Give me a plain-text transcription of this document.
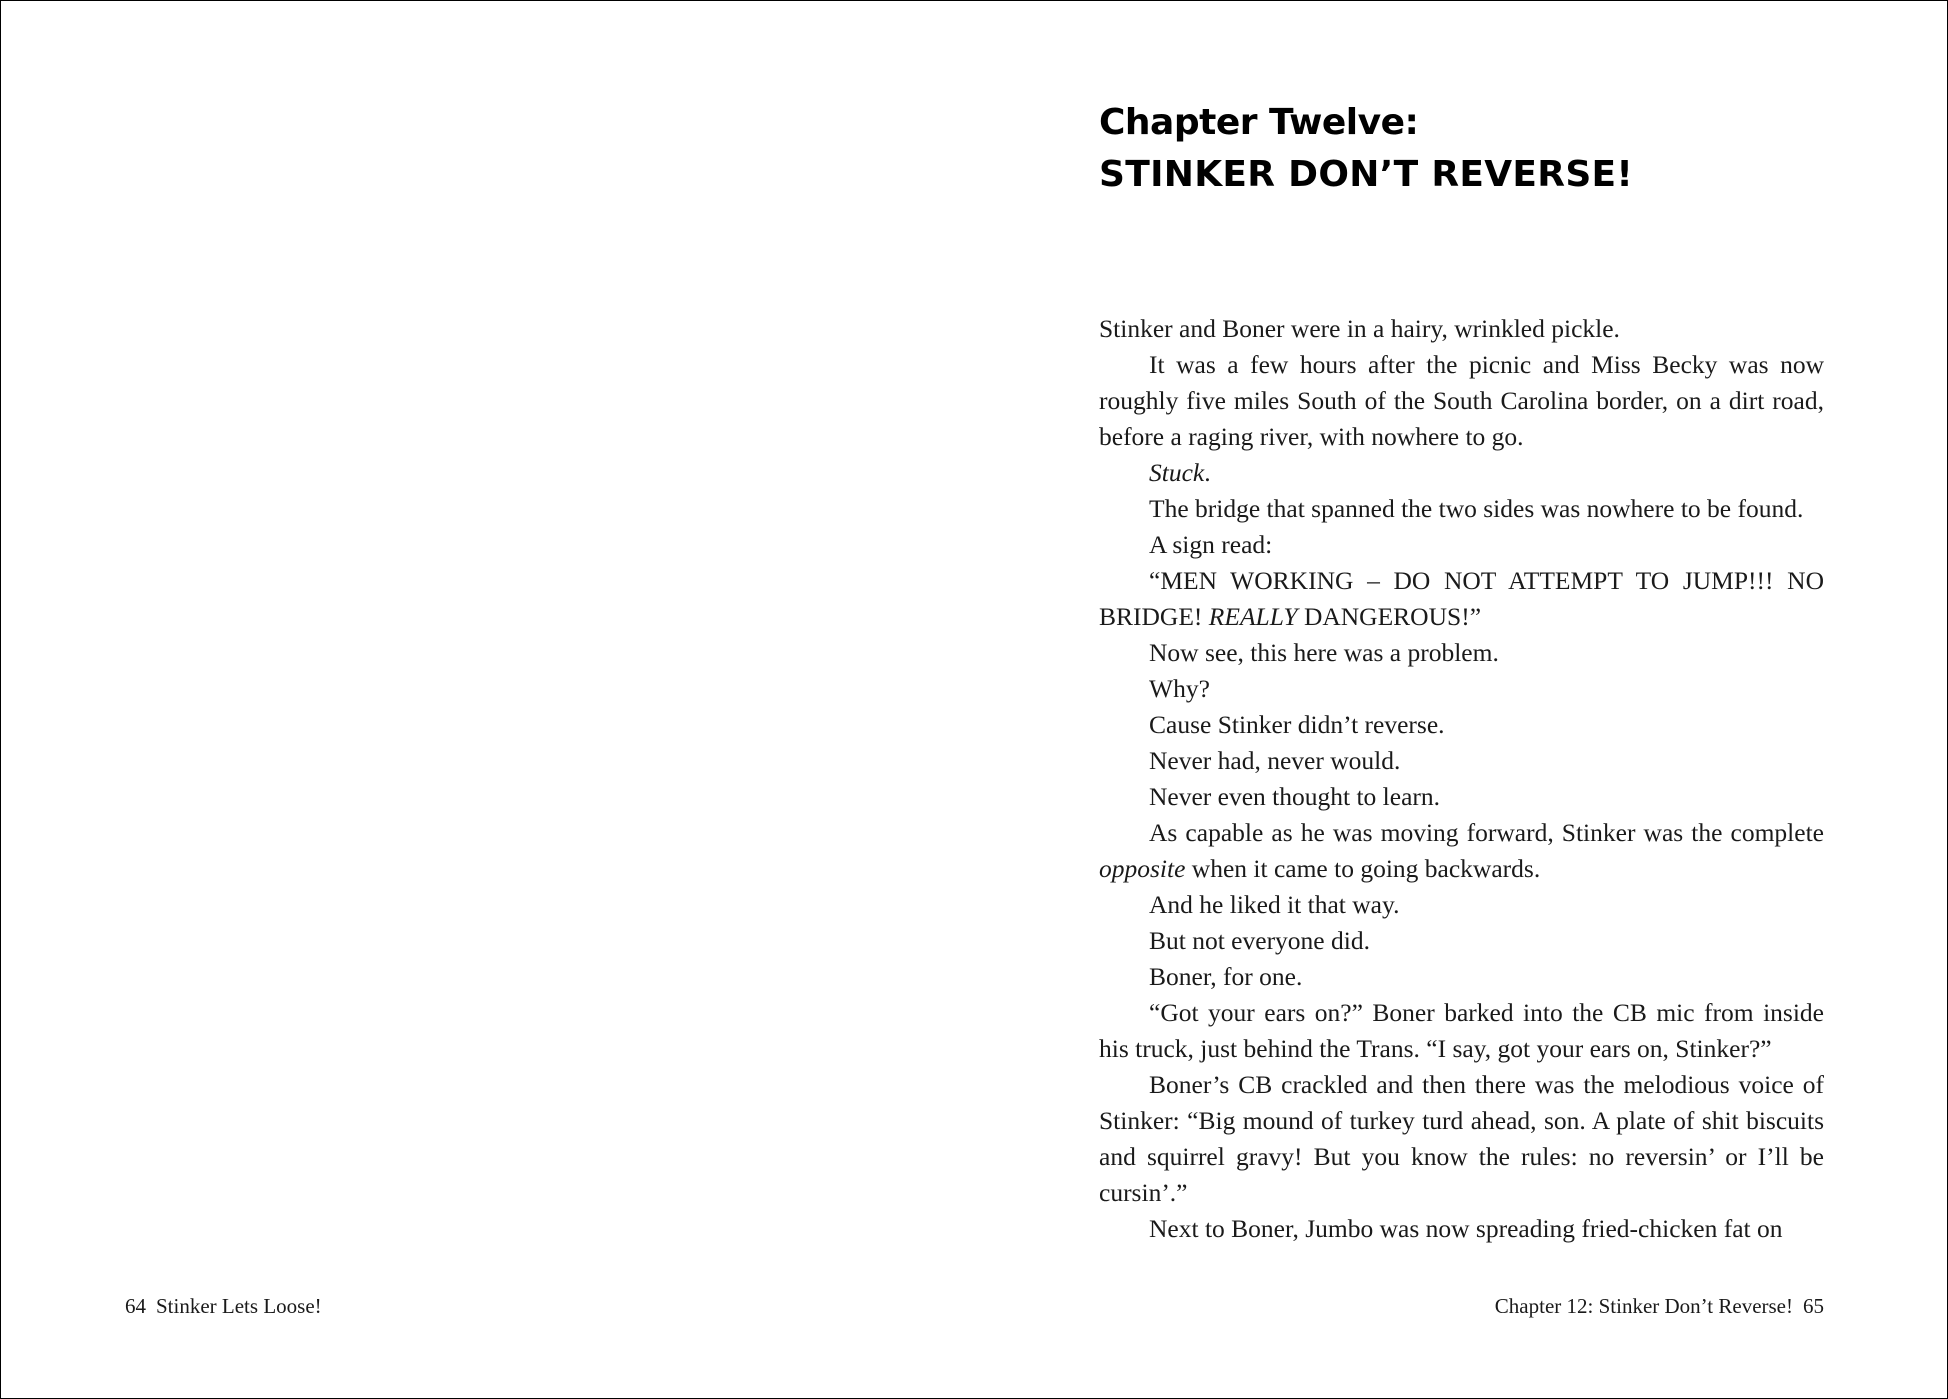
64 Stinker Lets Loose!
Chapter Twelve:
STINKER DON’T REVERSE!

Stinker and Boner were in a hairy, wrinkled pickle.

It was a few hours after the picnic and Miss Becky was now roughly five miles South of the South Carolina border, on a dirt road, before a raging river, with nowhere to go.

Stuck.

The bridge that spanned the two sides was nowhere to be found.

A sign read:

“MEN WORKING – DO NOT ATTEMPT TO JUMP!!! NO BRIDGE! REALLY DANGEROUS!”

Now see, this here was a problem.

Why?

Cause Stinker didn’t reverse.

Never had, never would.

Never even thought to learn.

As capable as he was moving forward, Stinker was the complete opposite when it came to going backwards.

And he liked it that way.

But not everyone did.

Boner, for one.

“Got your ears on?” Boner barked into the CB mic from inside his truck, just behind the Trans. “I say, got your ears on, Stinker?”

Boner’s CB crackled and then there was the melodious voice of Stinker: “Big mound of turkey turd ahead, son. A plate of shit biscuits and squirrel gravy! But you know the rules: no reversin’ or I’ll be cursin’.”

Next to Boner, Jumbo was now spreading fried-chicken fat on

Chapter 12: Stinker Don’t Reverse! 65
